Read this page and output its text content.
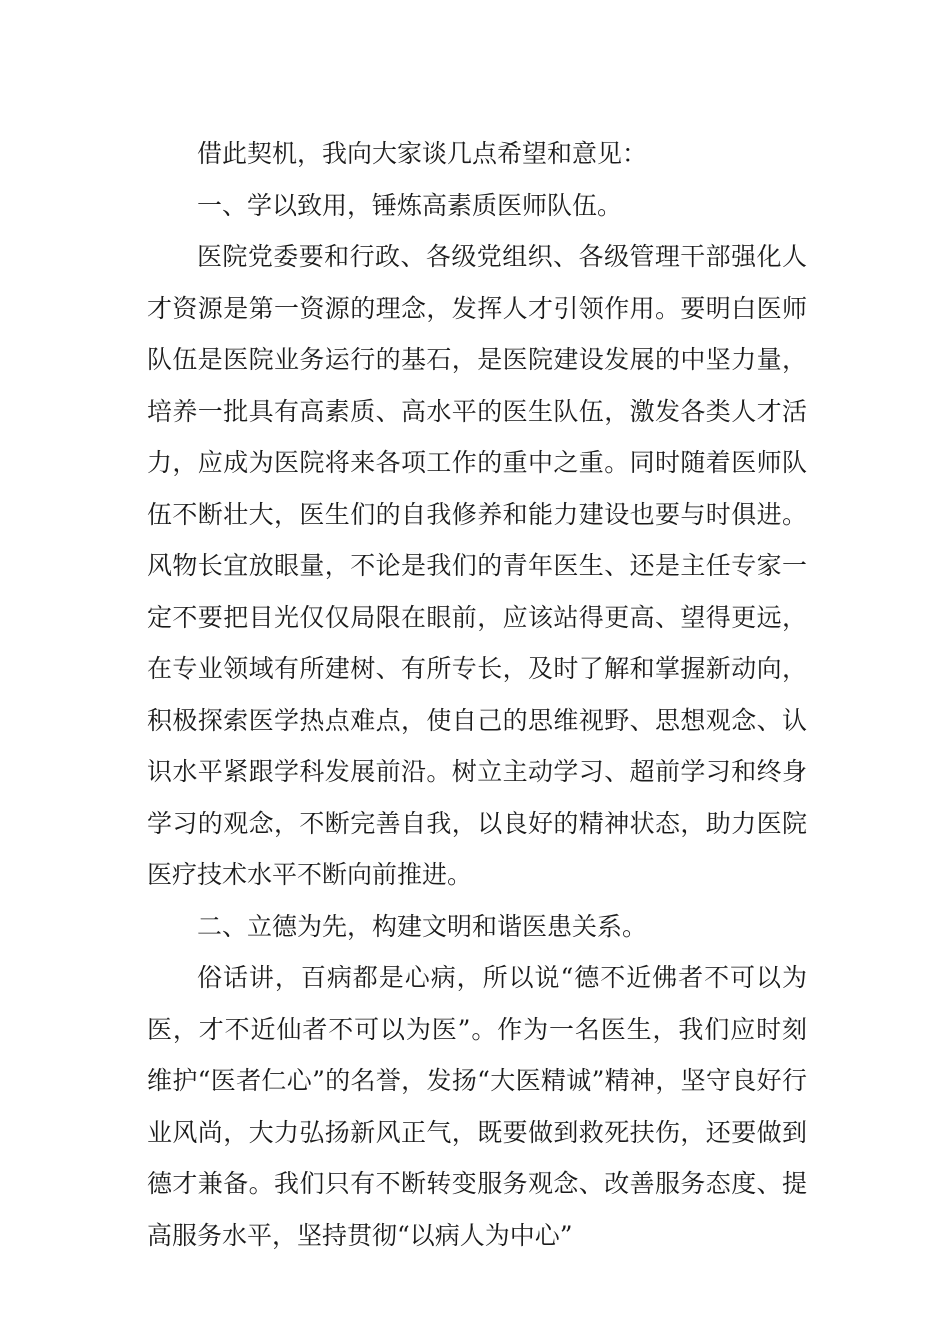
借此契机，我向大家谈几点希望和意见：

一、学以致用，锤炼高素质医师队伍。

医院党委要和行政、各级党组织、各级管理干部强化人才资源是第一资源的理念，发挥人才引领作用。要明白医师队伍是医院业务运行的基石，是医院建设发展的中坚力量，培养一批具有高素质、高水平的医生队伍，激发各类人才活力，应成为医院将来各项工作的重中之重。同时随着医师队伍不断壮大，医生们的自我修养和能力建设也要与时俱进。风物长宜放眼量，不论是我们的青年医生、还是主任专家一定不要把目光仅仅局限在眼前，应该站得更高、望得更远，在专业领域有所建树、有所专长，及时了解和掌握新动向，积极探索医学热点难点，使自己的思维视野、思想观念、认识水平紧跟学科发展前沿。树立主动学习、超前学习和终身学习的观念，不断完善自我，以良好的精神状态，助力医院医疗技术水平不断向前推进。

二、立德为先，构建文明和谐医患关系。

俗话讲，百病都是心病，所以说“德不近佛者不可以为医，才不近仙者不可以为医”。作为一名医生，我们应时刻维护“医者仁心”的名誉，发扬“大医精诚”精神，坚守良好行业风尚，大力弘扬新风正气，既要做到救死扶伤，还要做到德才兼备。我们只有不断转变服务观念、改善服务态度、提高服务水平，坚持贯彻“以病人为中心”
